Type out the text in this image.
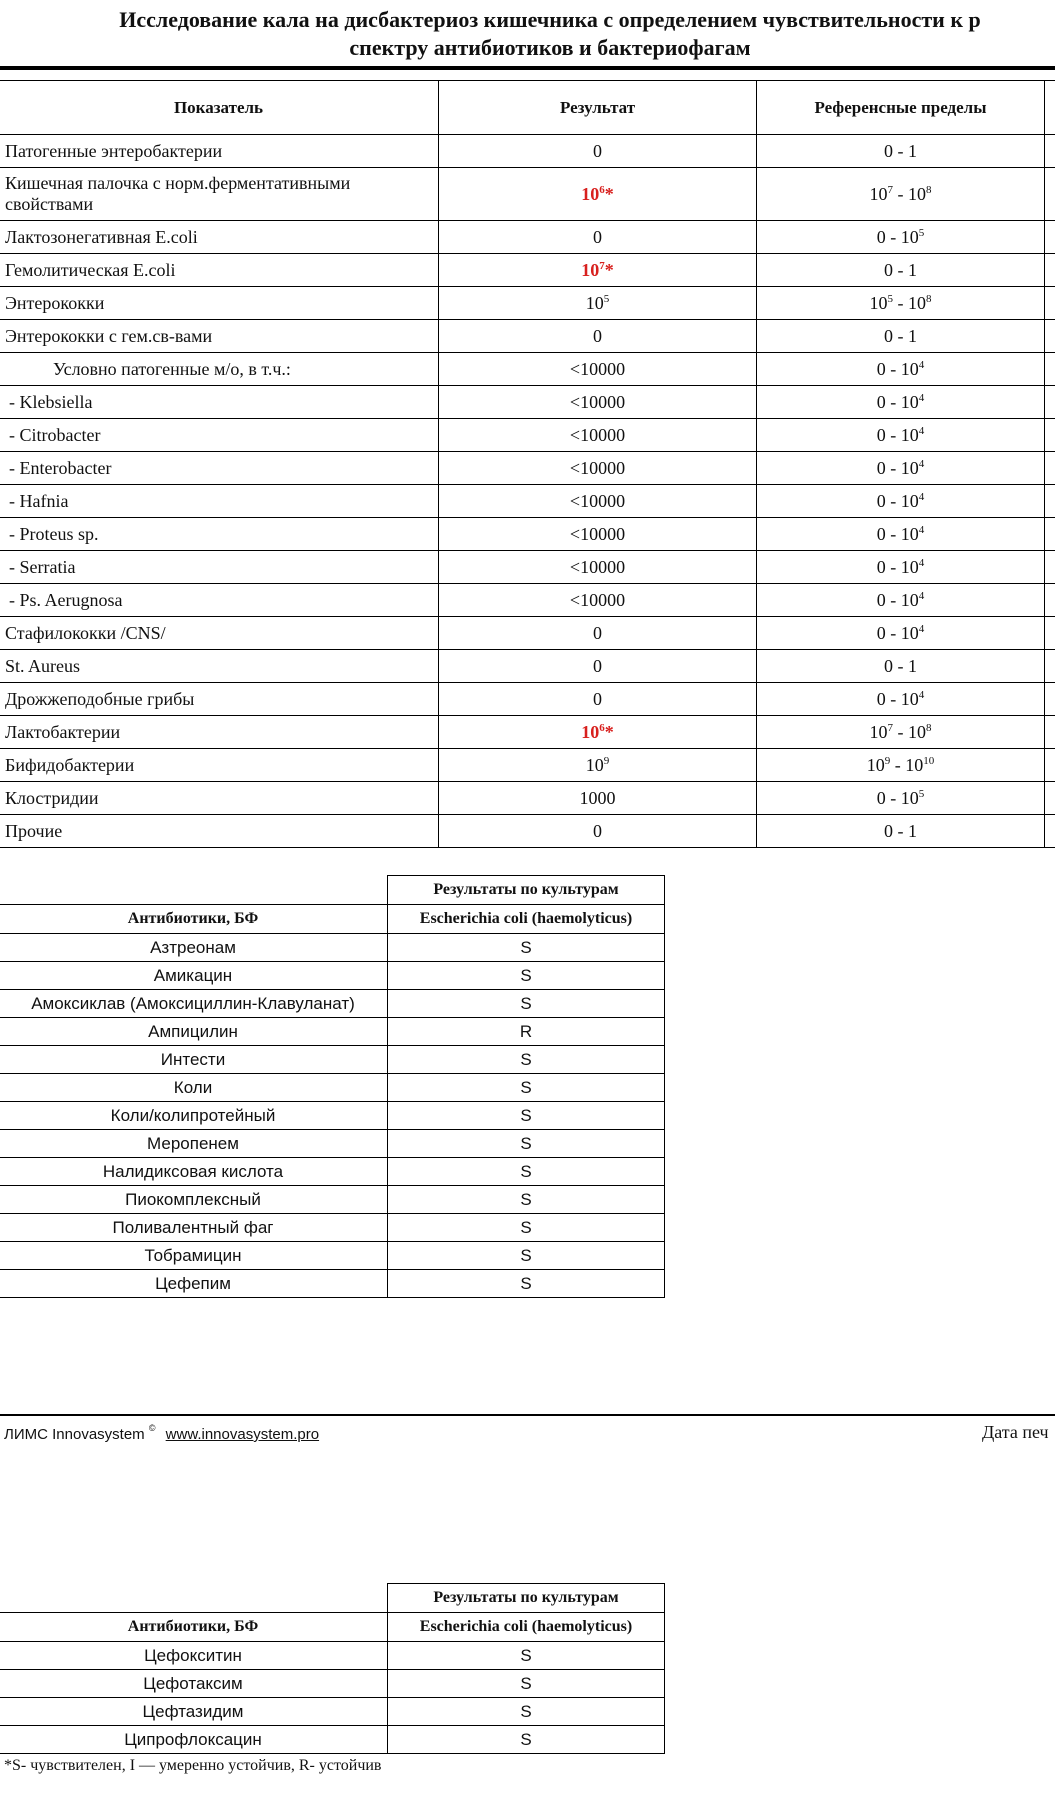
Исследование кала на дисбактериоз кишечника с определением чувствительности к р
спектру антибиотиков и бактериофагам
Показатель	Результат	Референсные пределы	
Патогенные энтеробактерии	0	0 - 1	
Кишечная палочка с норм.ферментативными свойствами	$10^6*$	$10^7 - 10^8$	
Лактозонегативная E.coli	0	$0 - 10^5$	
Гемолитическая E.coli	$10^7*$	0 - 1	
Энтерококки	$10^5$	$10^5 - 10^8$	
Энтерококки с гем.св-вами	0	0 - 1	
Условно патогенные м/о, в т.ч.:	<10000	$0 - 10^4$	
- Klebsiella	<10000	$0 - 10^4$	
- Citrobacter	<10000	$0 - 10^4$	
- Enterobacter	<10000	$0 - 10^4$	
- Hafnia	<10000	$0 - 10^4$	
- Proteus sp.	<10000	$0 - 10^4$	
- Serratia	<10000	$0 - 10^4$	
- Ps. Aerugnosa	<10000	$0 - 10^4$	
Стафилококки /CNS/	0	$0 - 10^4$	
St. Aureus	0	0 - 1	
Дрожжеподобные грибы	0	$0 - 10^4$	
Лактобактерии	$10^6*$	$10^7 - 10^8$	
Бифидобактерии	$10^9$	$10^9 - 10^{10}$	
Клостридии	1000	$0 - 10^5$	
Прочие	0	0 - 1	
	Результаты по культурам
Антибиотики, БФ	Escherichia coli (haemolyticus)
Азтреонам	S
Амикацин	S
Амоксиклав (Амоксициллин-Клавуланат)	S
Ампицилин	R
Интести	S
Коли	S
Коли/колипротейный	S
Меропенем	S
Налидиксовая кислота	S
Пиокомплексный	S
Поливалентный фаг	S
Тобрамицин	S
Цефепим	S
ЛИМС Innovasystem © www.innovasystem.pro	Дата печ
	Результаты по культурам
Антибиотики, БФ	Escherichia coli (haemolyticus)
Цефокситин	S
Цефотаксим	S
Цефтазидим	S
Ципрофлоксацин	S
*S- чувствителен, I — умеренно устойчив, R- устойчив
